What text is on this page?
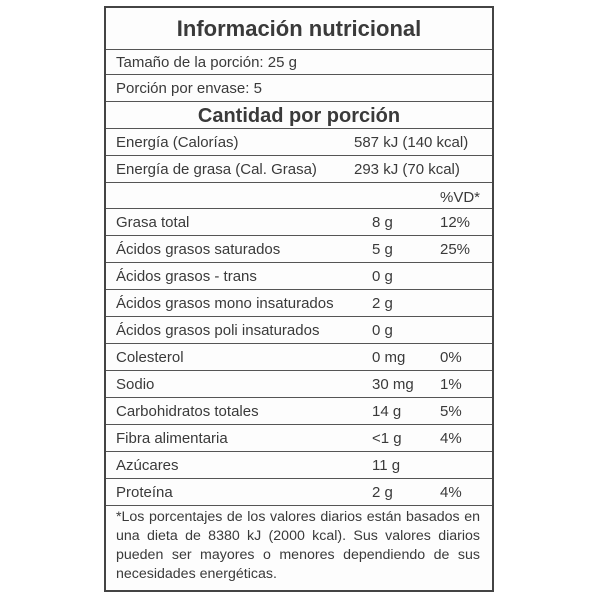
Información nutricional
Tamaño de la porción: 25 g
Porción por envase: 5
Cantidad por porción
Energía (Calorías)	587 kJ (140 kcal)
Energía de grasa (Cal. Grasa) 293 kJ (70 kcal)
%VD*
Grasa total	8 g	12%
Ácidos grasos saturados	5 g	25%
Ácidos grasos - trans	0 g
Ácidos grasos mono insaturados	2 g
Ácidos grasos poli insaturados	0 g
Colesterol	0 mg 0%
Sodio	30 mg 1%
Carbohidratos totales	14 g	5%
Fibra alimentaria	<1 g	4%
Azúcares	11 g
Proteína	2 g	4%
*Los porcentajes de los valores diarios están basados en una dieta de 8380 kJ (2000 kcal). Sus valores diarios pueden ser mayores o menores dependiendo de sus necesidades energéticas.
